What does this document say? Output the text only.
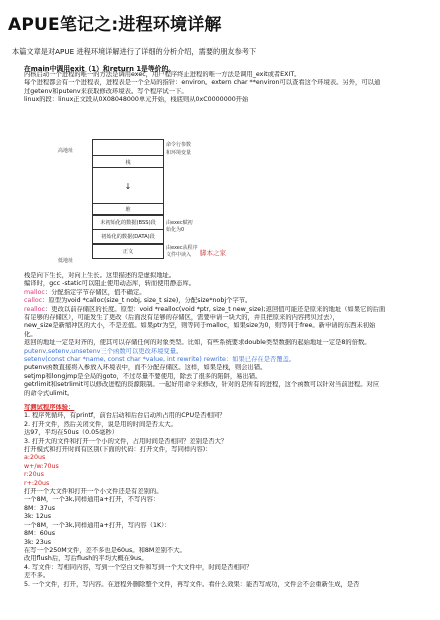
APUE笔记之:进程环境详解
本篇文章是对APUE 进程环境详解进行了详细的分析介绍，需要的朋友参考下
在main中调用exit（1）和return 1是等价的。
内核启动一个进程的唯一的方法是调用exec，用户程序终止进程的唯一方法是调用_exit或者EXIT。
每个进程都会有一个进程表，进程表是一个全局的指针：environ。extern char **environ可以查看这个环境表。另外，可以通
过getenv和putenv来获取修改环境表。写个程序试一下。
linux的段：linux正文段从0X08048000单元开始，栈底则从0xC0000000开始
高地址
低地址
命令行参数
和环境变量
栈
↓
堆
未初始化的数据(BSS)段
初始化的数据(DATA)段
正文
由exec赋初
始化为0
由exec从程序
文件中读入 脚本之家
栈是向下生长，对向上生长。这里描述的是虚拟地址。
编译时，gcc -static可以阻止使用动态库，转而使用静态库。
malloc：分配指定字节存储区，值不确定。
calloc：原型为void *calloc(size_t nobj, size_t size)，分配size*nobj个字节。
realloc：更改以前存储区的长度。原型：void *realloc(void *ptr, size_t new_size);返回值可能还是原来的地址（如果它的后面
有足够的存储区），可能发生了更改（后面没有足够的存储区，需要申请一块大的，并且把原来的内容拷贝过去），
new_size是新缩冲区的大小，不是差值。如果ptr为空，则等同于malloc，如果size为0，则等同于free。新申请的东西未初始
化。
返回的地址一定是对齐的，使其可以存储任何的对象类型。比如，有些系统要求double类型数据的起始地址一定是8的倍数。
putenv,setenv,unsetenv三个函数可以更改环境变量。
setenv(const char *name, const char *value, int rewrite) rewrite：如果已存在是否覆盖。
putenv函数直接将入参放入环境表中，而不分配存储区。这样，如果是栈，则会出错。
setjmp和longjmp是全局的goto，不过尽量不要使用，除去了很多的陷阱，易出错。
getrlimit和setrlimit可以修改进程的资源限制。一起好用命令来修改，针对的是所有的进程，这个函数可以针对当前进程。对应
的命令式ulimit。
写测试程序体验：
1. 程序死循环，有printf，前台启动和后台启动所占用的CPU是否相同？
2. 打开文件，然后关闭文件，说是用的时间是否太大。
达97，平均在50us（0.05毫秒）
3. 打开大的文件和打开一个小的文件，占用时间是否相同？差别是否大？
打开模式和打开时间有区别(下面的代码：打开文件，写同样内容)：
a:20us
w+/w:70us
r:20us
r+:20us
打开一个大文件和打开一个小文件还是有差别的。
一个8M，一个3k,同样通用a+打开，不写内容：
8M：37us
3k: 12us
一个8M，一个3k,同样通用a+打开，写内容（1K）：
8M：60us
3k: 23us
在写一个250M文件，差不多也是60us。和8M差别不大。
改用flush后，写后flush的平均大概在9us。
4. 写文件：写相同内容，写到一个空白文件和写到一个大文件中，时间是否相同？
差不多。
5. 一个文件，打开，写内容。在进程外删除整个文件，再写文件。看什么效果：能否写成功，文件会不会重新生成，是否
